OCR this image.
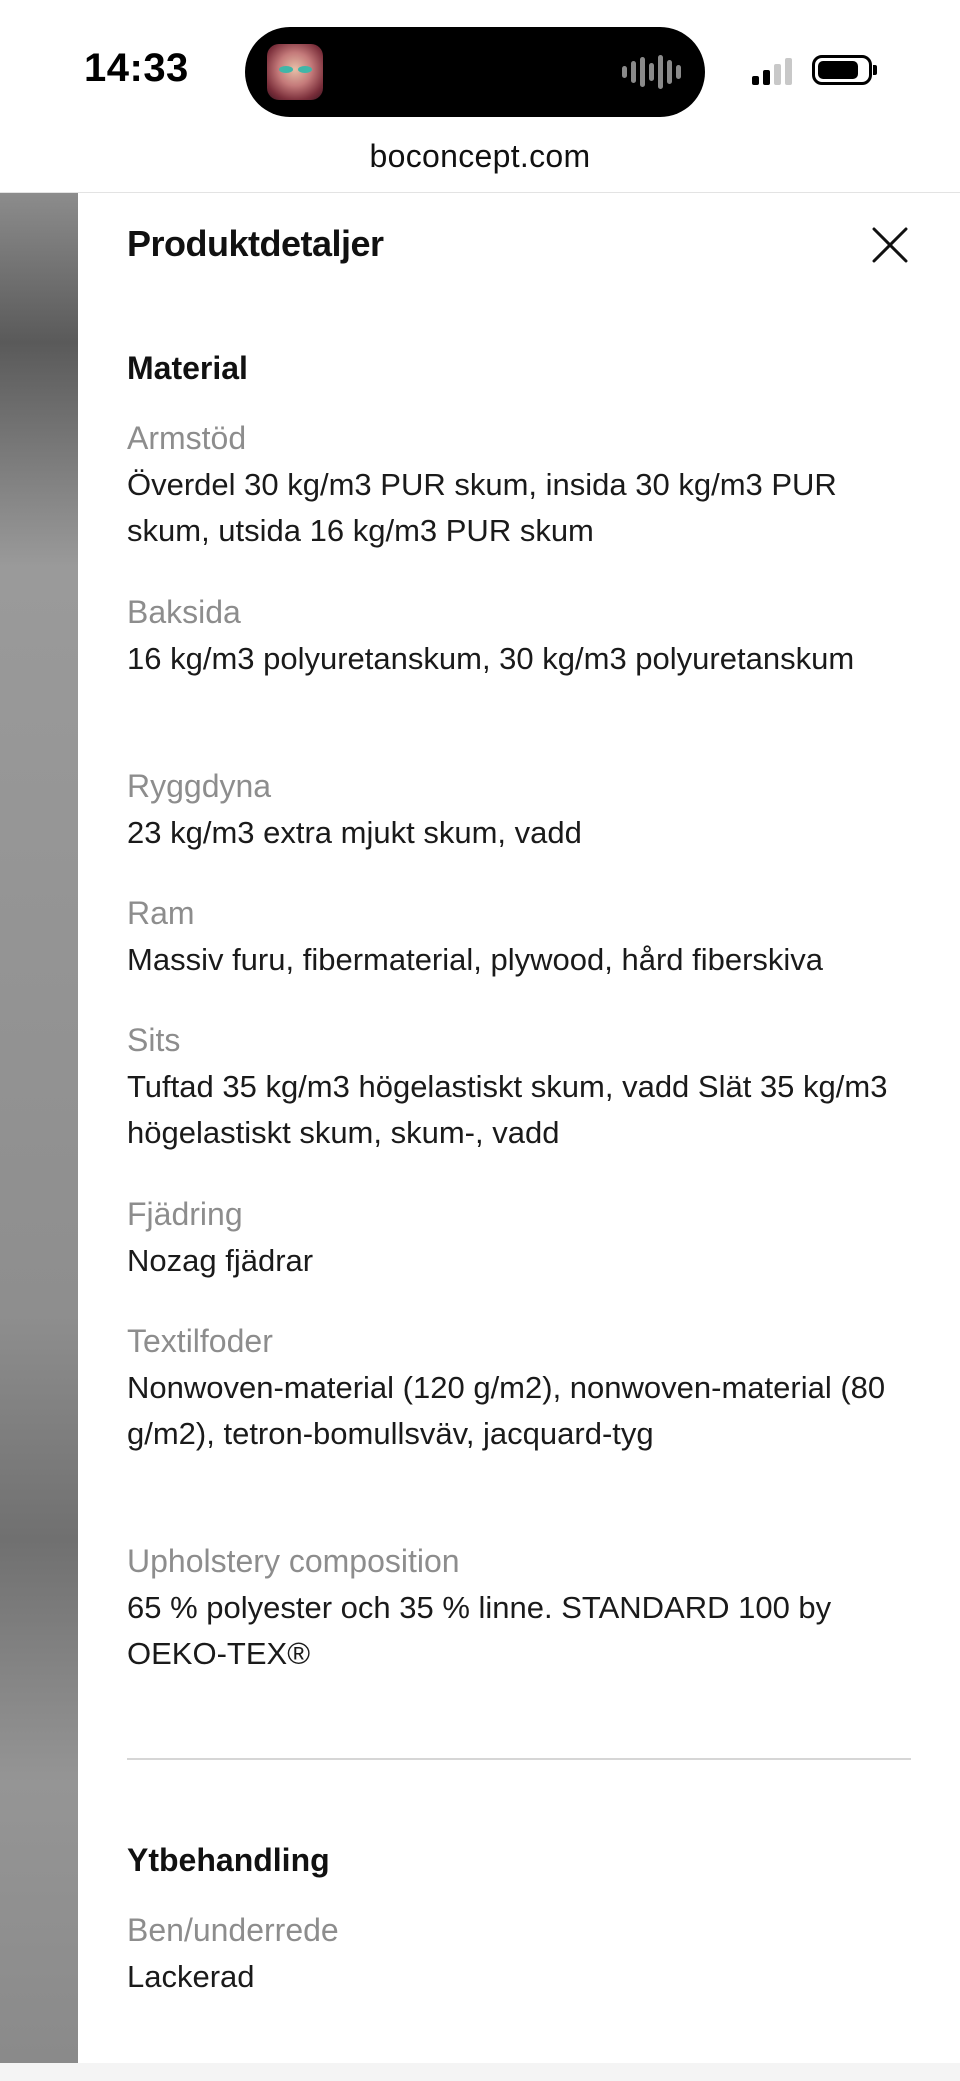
14:33
boconcept.com
Produktdetaljer
Material
Armstöd
Överdel 30 kg/m3 PUR skum, insida 30 kg/m3 PUR skum, utsida 16 kg/m3 PUR skum
Baksida
16 kg/m3 polyuretanskum, 30 kg/m3 polyuretanskum
Ryggdyna
23 kg/m3 extra mjukt skum, vadd
Ram
Massiv furu, fibermaterial, plywood, hård fiberskiva
Sits
Tuftad 35 kg/m3 högelastiskt skum, vadd Slät 35 kg/m3 högelastiskt skum, skum-, vadd
Fjädring
Nozag fjädrar
Textilfoder
Nonwoven-material (120 g/m2), nonwoven-material (80 g/m2), tetron-bomullsväv, jacquard-tyg
Upholstery composition
65 % polyester och 35 % linne. STANDARD 100 by OEKO-TEX®
Ytbehandling
Ben/underrede
Lackerad
